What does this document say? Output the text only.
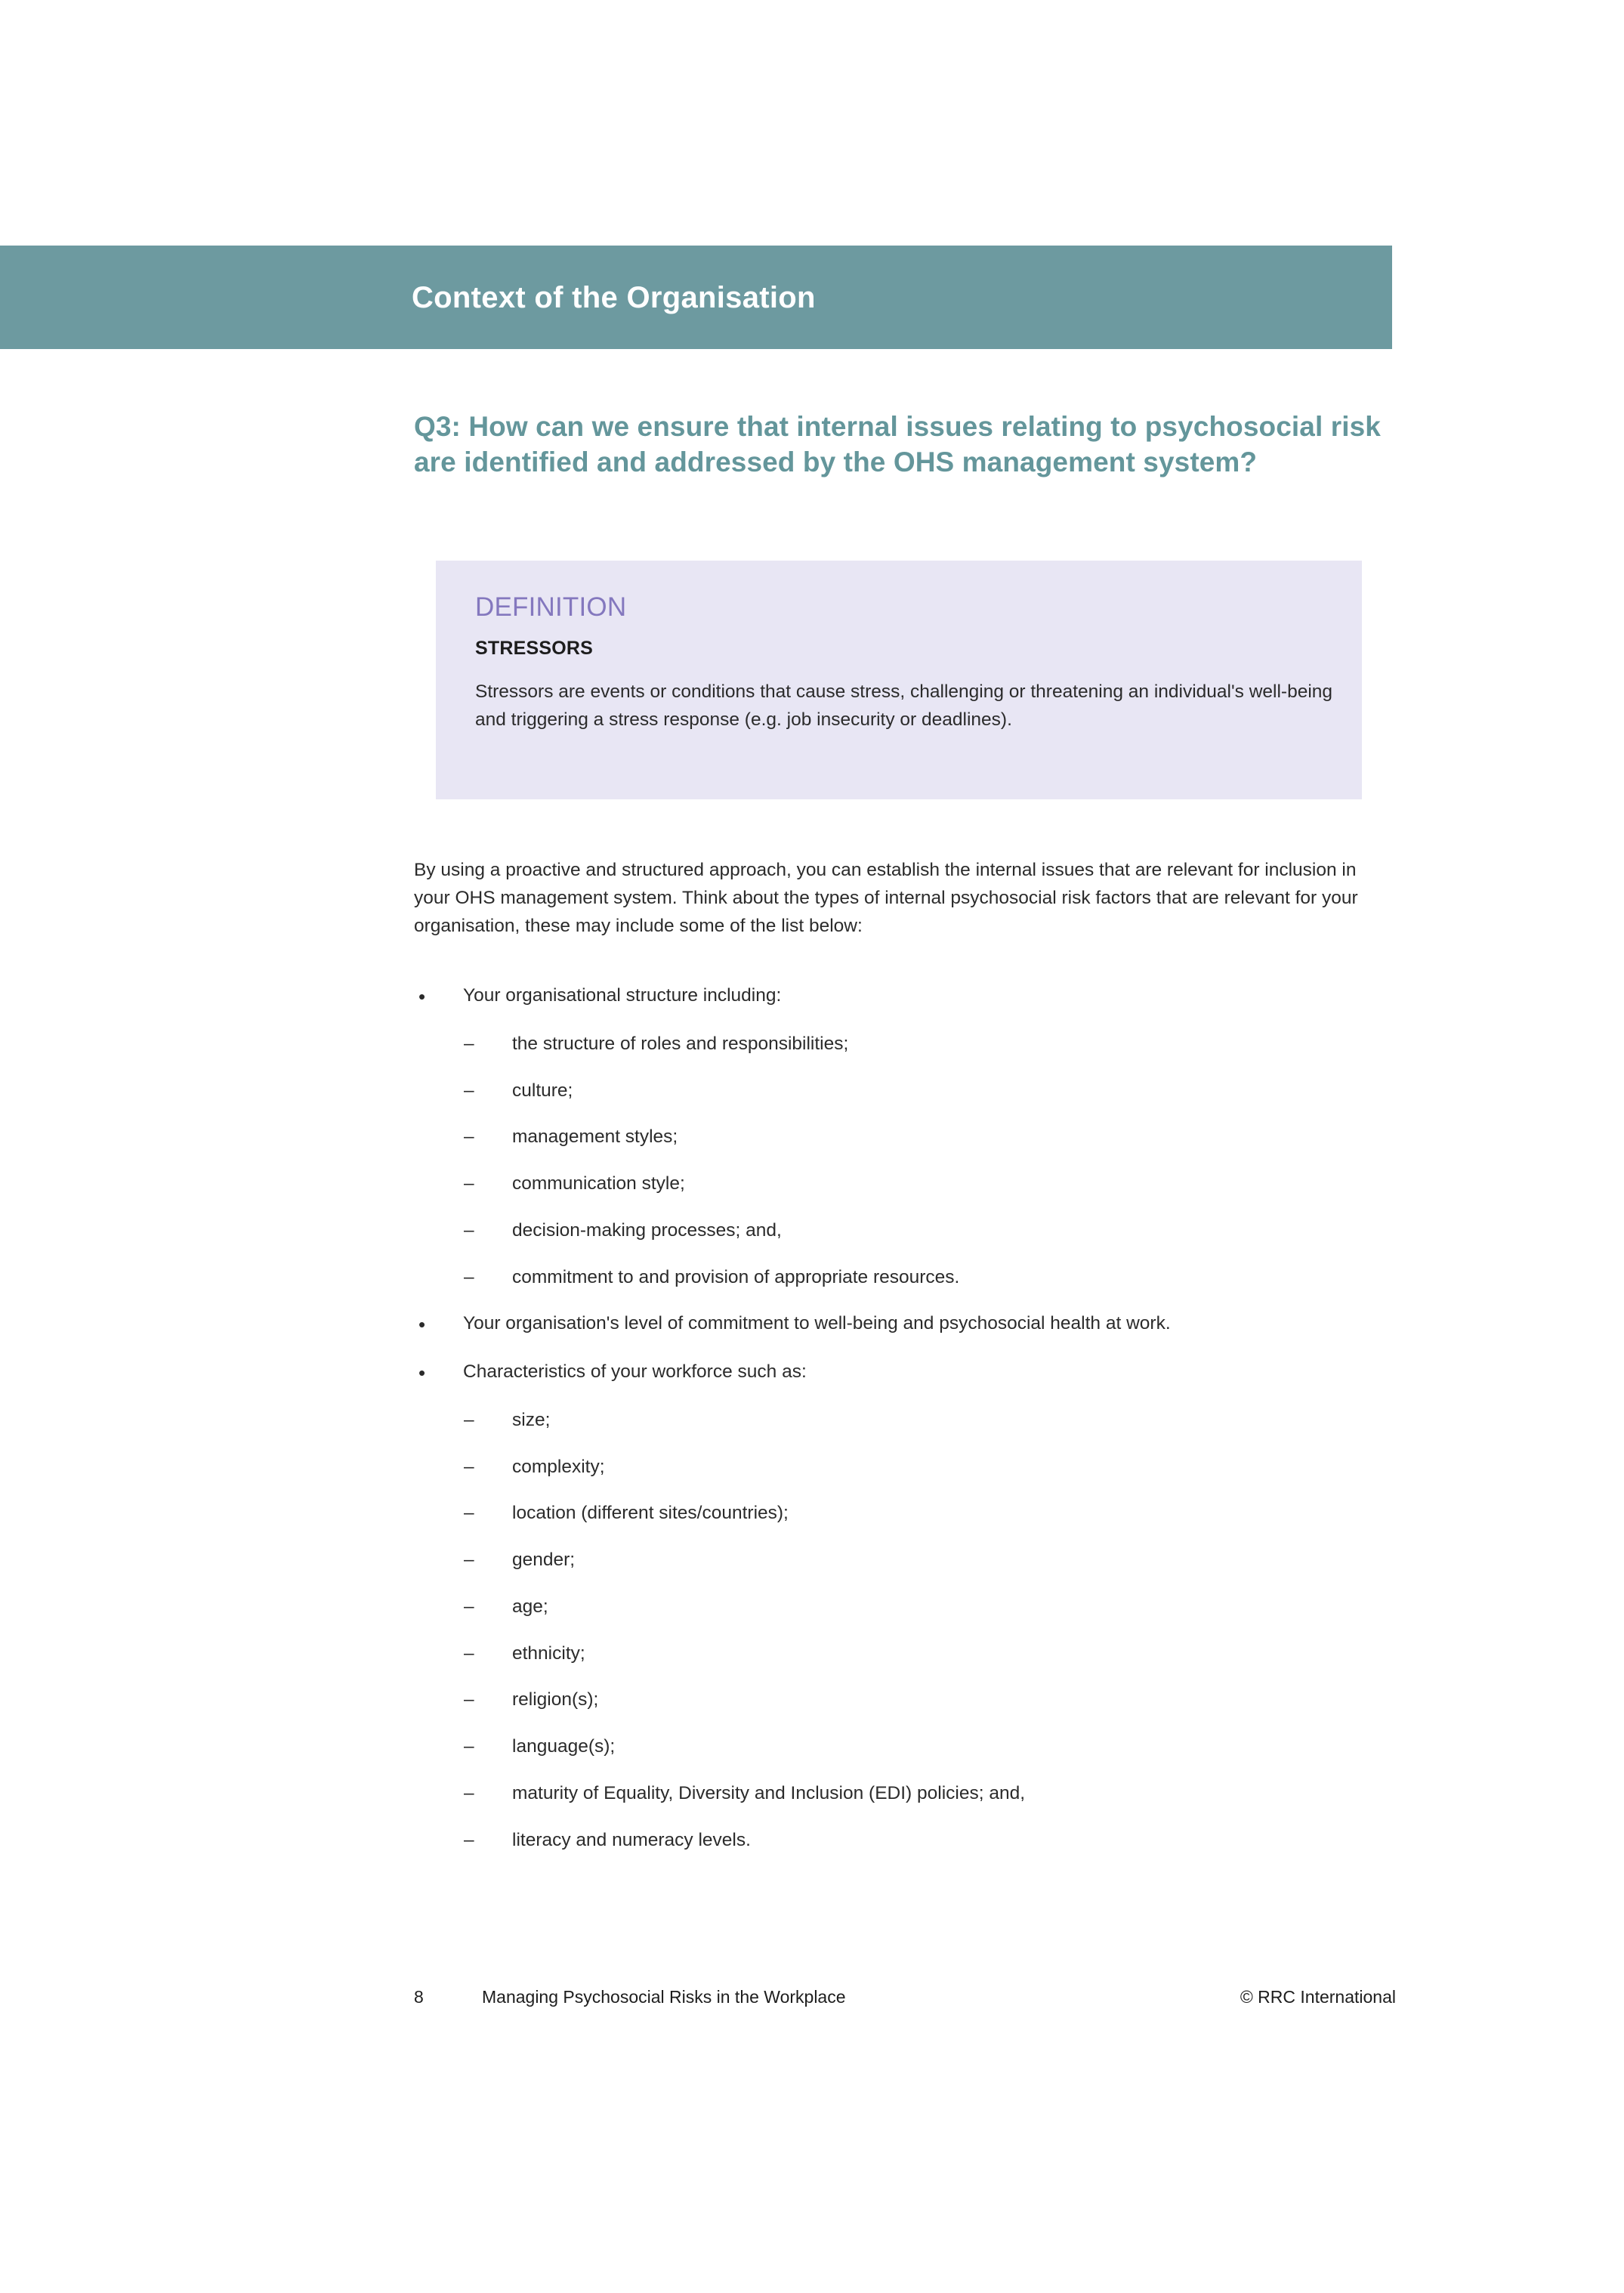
Context of the Organisation
Q3: How can we ensure that internal issues relating to psychosocial risk are identified and addressed by the OHS management system?
DEFINITION
STRESSORS
Stressors are events or conditions that cause stress, challenging or threatening an individual's well-being and triggering a stress response (e.g. job insecurity or deadlines).

By using a proactive and structured approach, you can establish the internal issues that are relevant for inclusion in your OHS management system. Think about the types of internal psychosocial risk factors that are relevant for your organisation, these may include some of the list below:

• Your organisational structure including:
– the structure of roles and responsibilities;
– culture;
– management styles;
– communication style;
– decision-making processes; and,
– commitment to and provision of appropriate resources.
• Your organisation's level of commitment to well-being and psychosocial health at work.
• Characteristics of your workforce such as:
– size;
– complexity;
– location (different sites/countries);
– gender;
– age;
– ethnicity;
– religion(s);
– language(s);
– maturity of Equality, Diversity and Inclusion (EDI) policies; and,
– literacy and numeracy levels.
8	Managing Psychosocial Risks in the Workplace	© RRC International
